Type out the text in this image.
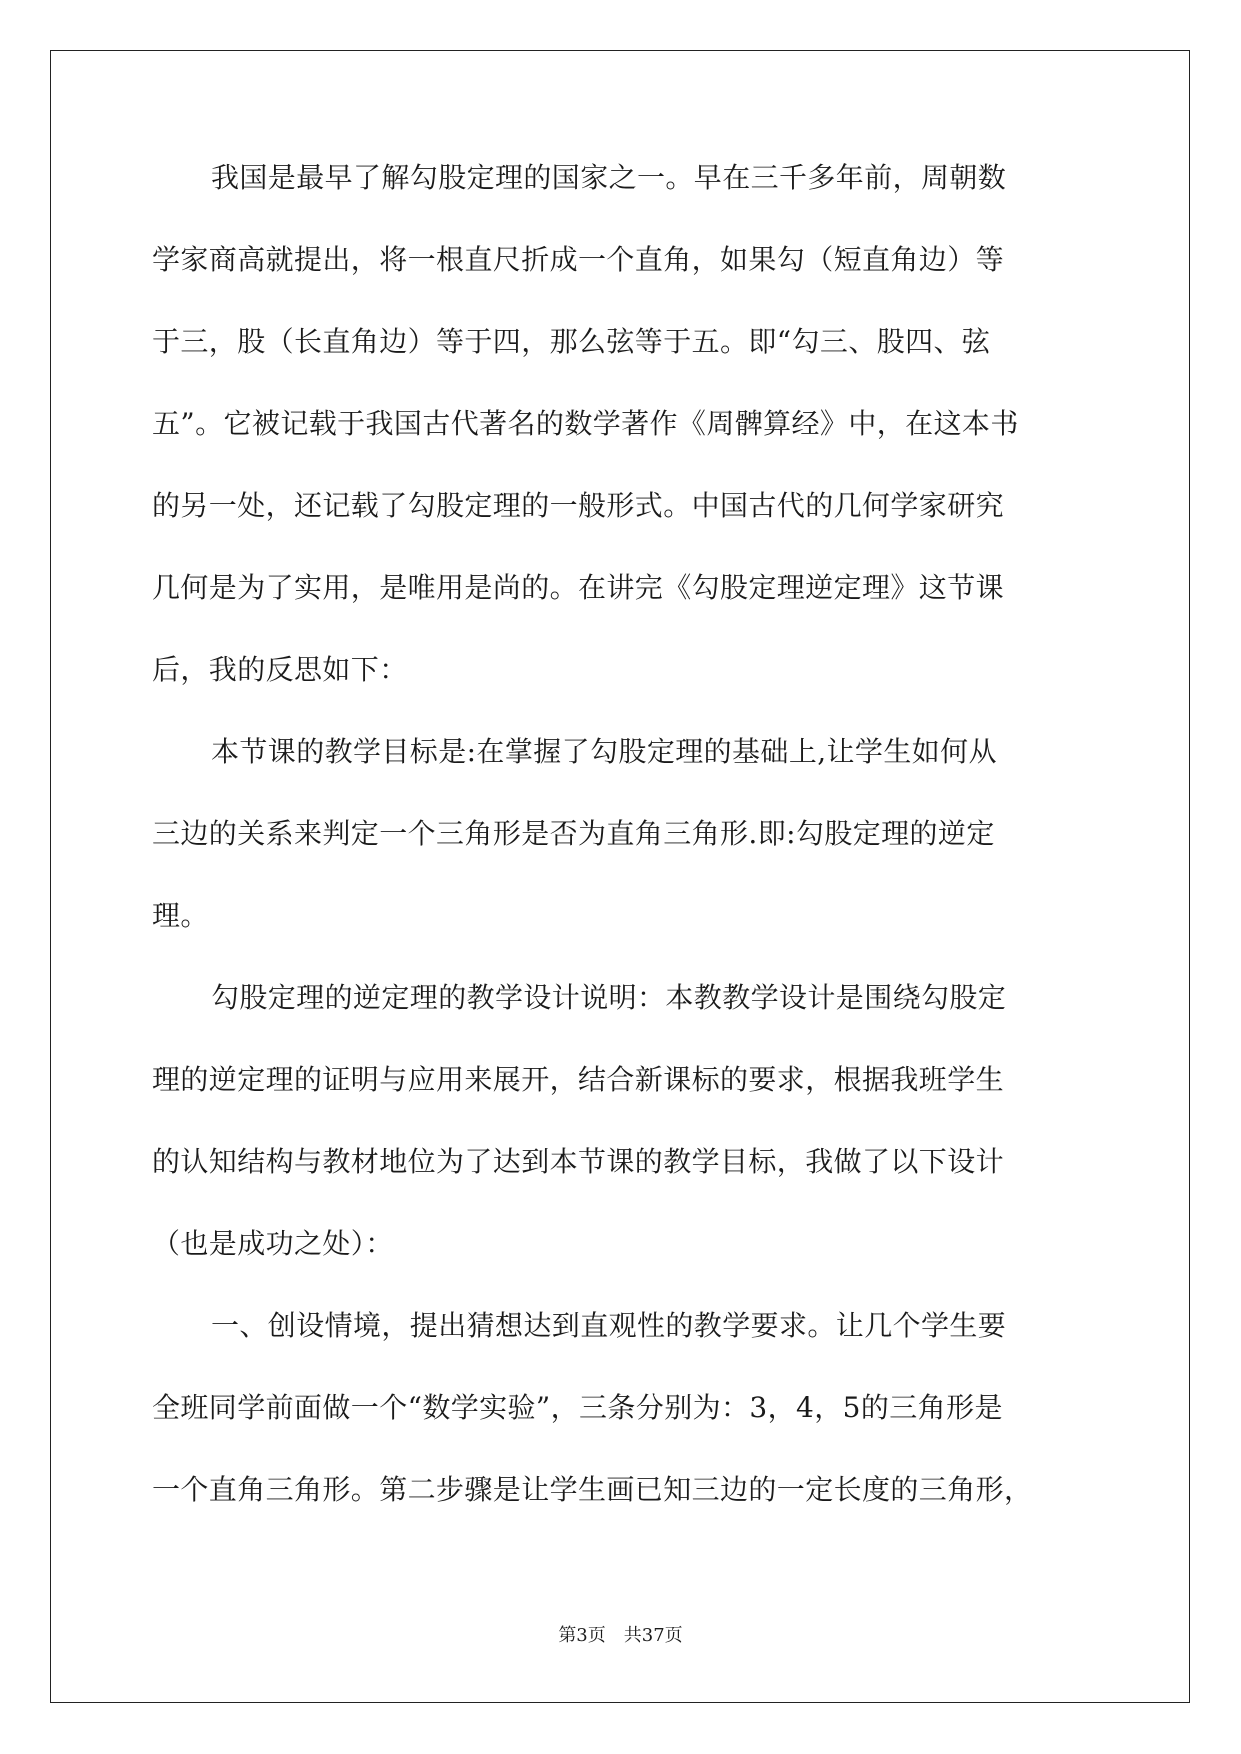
我国是最早了解勾股定理的国家之一。早在三千多年前，周朝数
学家商高就提出，将一根直尺折成一个直角，如果勾（短直角边）等
于三，股（长直角边）等于四，那么弦等于五。即“勾三、股四、弦
五”。它被记载于我国古代著名的数学著作《周髀算经》中，在这本书
的另一处，还记载了勾股定理的一般形式。中国古代的几何学家研究
几何是为了实用，是唯用是尚的。在讲完《勾股定理逆定理》这节课
后，我的反思如下：
本节课的教学目标是:在掌握了勾股定理的基础上,让学生如何从
三边的关系来判定一个三角形是否为直角三角形.即:勾股定理的逆定
理。
勾股定理的逆定理的教学设计说明：本教教学设计是围绕勾股定
理的逆定理的证明与应用来展开，结合新课标的要求，根据我班学生
的认知结构与教材地位为了达到本节课的教学目标，我做了以下设计
（也是成功之处）：
一、创设情境，提出猜想达到直观性的教学要求。让几个学生要
全班同学前面做一个“数学实验”，三条分别为：3，4，5的三角形是
一个直角三角形。第二步骤是让学生画已知三边的一定长度的三角形，
第3页　共37页
